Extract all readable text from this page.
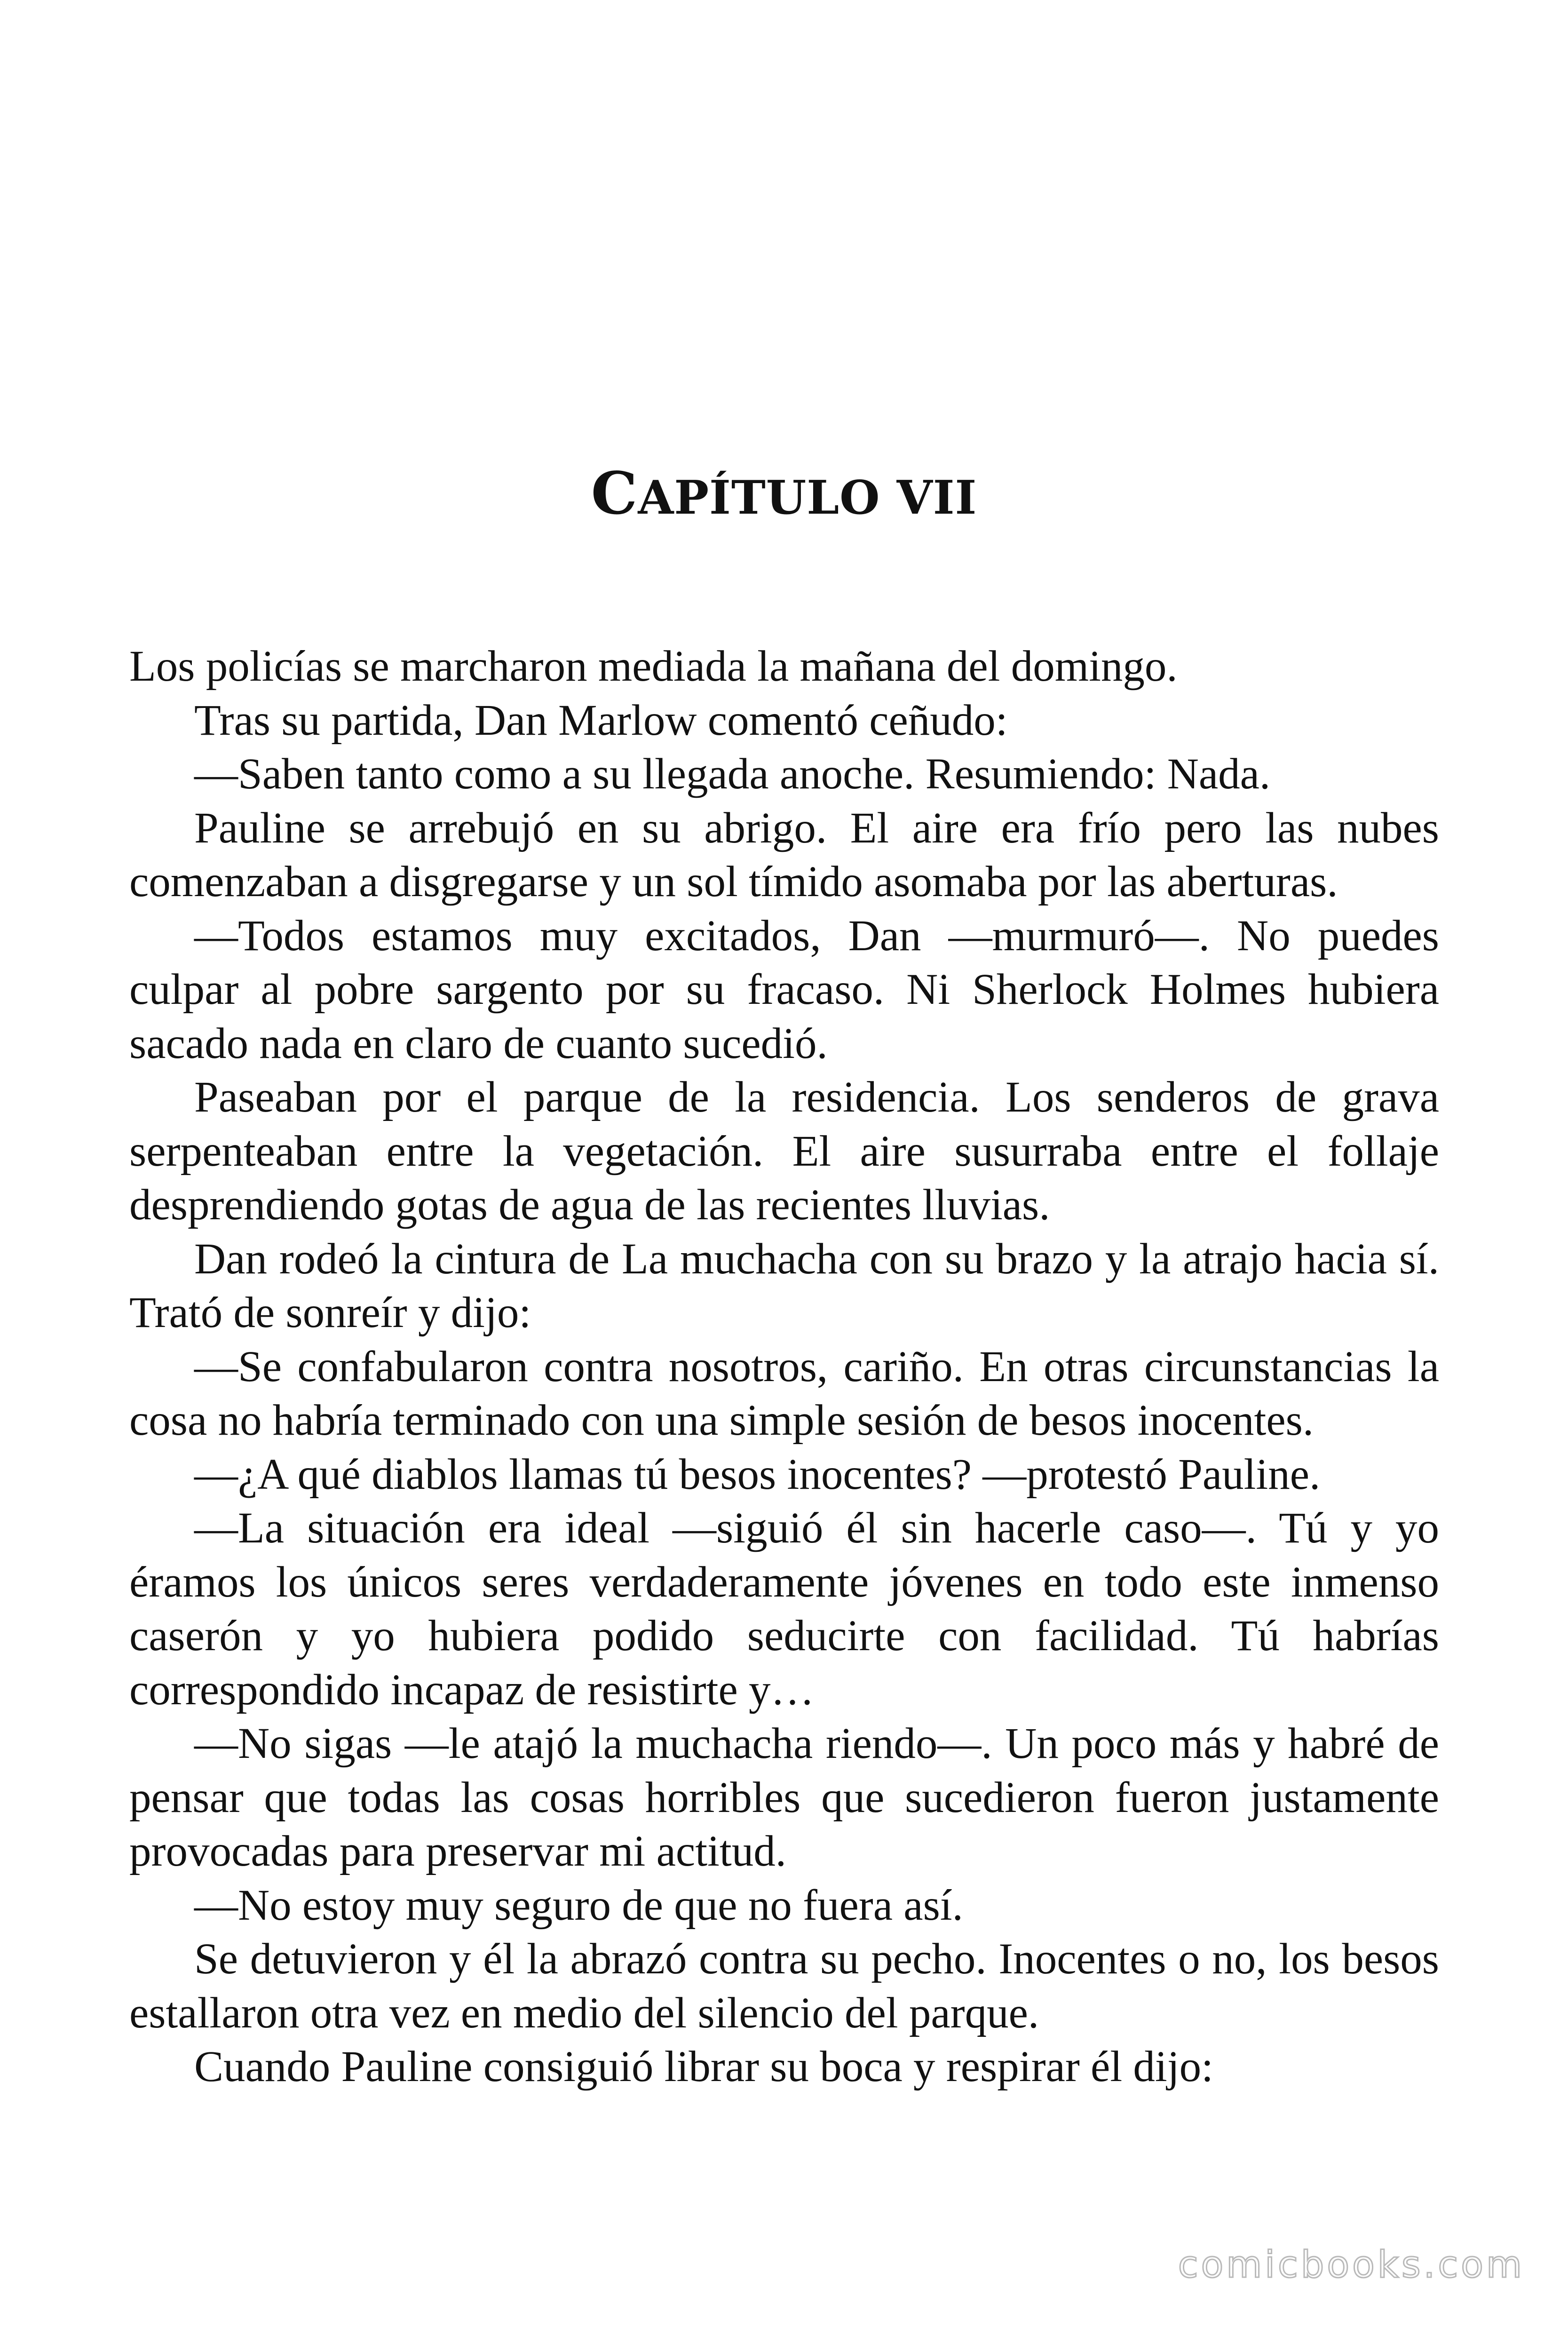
CAPÍTULO VII

Los policías se marcharon mediada la mañana del domingo.

Tras su partida, Dan Marlow comentó ceñudo:

—Saben tanto como a su llegada anoche. Resumiendo: Nada.

Pauline se arrebujó en su abrigo. El aire era frío pero las nubes comenzaban a disgregarse y un sol tímido asomaba por las aberturas.

—Todos estamos muy excitados, Dan —murmuró—. No puedes culpar al pobre sargento por su fracaso. Ni Sherlock Holmes hubiera sacado nada en claro de cuanto sucedió.

Paseaban por el parque de la residencia. Los senderos de grava serpenteaban entre la vegetación. El aire susurraba entre el follaje desprendiendo gotas de agua de las recientes lluvias.

Dan rodeó la cintura de La muchacha con su brazo y la atrajo hacia sí. Trató de sonreír y dijo:

—Se confabularon contra nosotros, cariño. En otras circunstancias la cosa no habría terminado con una simple sesión de besos inocentes.

—¿A qué diablos llamas tú besos inocentes? —protestó Pauline.

—La situación era ideal —siguió él sin hacerle caso—. Tú y yo éramos los únicos seres verdaderamente jóvenes en todo este inmenso caserón y yo hubiera podido seducirte con facilidad. Tú habrías correspondido incapaz de resistirte y…

—No sigas —le atajó la muchacha riendo—. Un poco más y habré de pensar que todas las cosas horribles que sucedieron fueron justamente provocadas para preservar mi actitud.

—No estoy muy seguro de que no fuera así.

Se detuvieron y él la abrazó contra su pecho. Inocentes o no, los besos estallaron otra vez en medio del silencio del parque.

Cuando Pauline consiguió librar su boca y respirar él dijo:

comicbooks.com
